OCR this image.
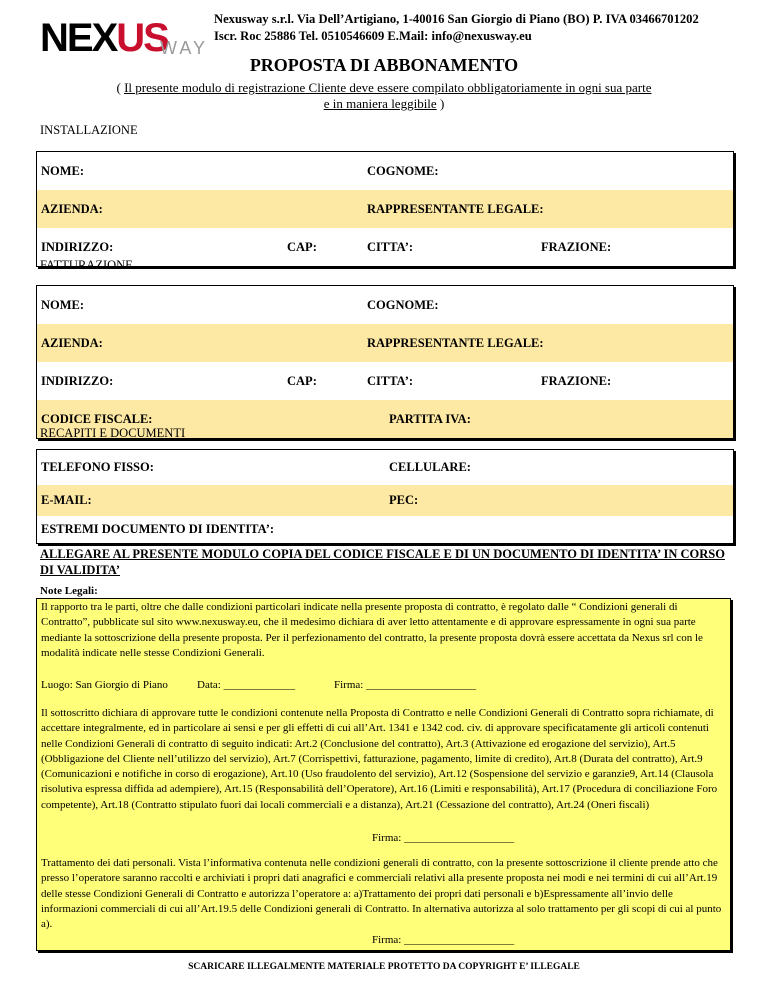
NEXUS
WAY
Nexusway s.r.l. Via Dell’Artigiano, 1-40016 San Giorgio di Piano (BO) P. IVA 03466701202
Iscr. Roc 25886 Tel. 0510546609 E.Mail: info@nexusway.eu
PROPOSTA DI ABBONAMENTO
( Il presente modulo di registrazione Cliente deve essere compilato obbligatoriamente in ogni sua parte
e in maniera leggibile )
INSTALLAZIONE
NOME:	COGNOME:
AZIENDA:	RAPPRESENTANTE LEGALE:
INDIRIZZO:	CAP:	CITTA’:	FRAZIONE:
FATTURAZIONE
NOME:	COGNOME:
AZIENDA:	RAPPRESENTANTE LEGALE:
INDIRIZZO:	CAP:	CITTA’:	FRAZIONE:
CODICE FISCALE:	PARTITA IVA:
RECAPITI E DOCUMENTI
TELEFONO FISSO:	CELLULARE:
E-MAIL:	PEC:
ESTREMI DOCUMENTO DI IDENTITA’:
ALLEGARE AL PRESENTE MODULO COPIA DEL CODICE FISCALE E DI UN DOCUMENTO DI IDENTITA’ IN CORSO DI VALIDITA’
Note Legali:

Il rapporto tra le parti, oltre che dalle condizioni particolari indicate nella presente proposta di contratto, è regolato dalle “ Condizioni generali di Contratto”, pubblicate sul sito www.nexusway.eu, che il medesimo dichiara di aver letto attentamente e di approvare espressamente in ogni sua parte mediante la sottoscrizione della presente proposta. Per il perfezionamento del contratto, la presente proposta dovrà essere accettata da Nexus srl con le modalità indicate nelle stesse Condizioni Generali.

Luogo: San Giorgio di Piano	Data: _____________	Firma: ____________________

Il sottoscritto dichiara di approvare tutte le condizioni contenute nella Proposta di Contratto e nelle Condizioni Generali di Contratto sopra richiamate, di accettare integralmente, ed in particolare ai sensi e per gli effetti di cui all’Art. 1341 e 1342 cod. civ. di approvare specificatamente gli articoli contenuti nelle Condizioni Generali di contratto di seguito indicati: Art.2 (Conclusione del contratto), Art.3 (Attivazione ed erogazione del servizio), Art.5 (Obbligazione del Cliente nell’utilizzo del servizio), Art.7 (Corrispettivi, fatturazione, pagamento, limite di credito), Art.8 (Durata del contratto), Art.9 (Comunicazioni e notifiche in corso di erogazione), Art.10 (Uso fraudolento del servizio), Art.12 (Sospensione del servizio e garanzie9, Art.14 (Clausola risolutiva espressa diffida ad adempiere), Art.15 (Responsabilità dell’Operatore), Art.16 (Limiti e responsabilità), Art.17 (Procedura di conciliazione Foro competente), Art.18 (Contratto stipulato fuori dai locali commerciali e a distanza), Art.21 (Cessazione del contratto), Art.24 (Oneri fiscali)

Firma: ____________________

Trattamento dei dati personali. Vista l’informativa contenuta nelle condizioni generali di contratto, con la presente sottoscrizione il cliente prende atto che presso l’operatore saranno raccolti e archiviati i propri dati anagrafici e commerciali relativi alla presente proposta nei modi e nei termini di cui all’Art.19 delle stesse Condizioni Generali di Contratto e autorizza l’operatore a: a)Trattamento dei propri dati personali e b)Espressamente all’invio delle informazioni commerciali di cui all’Art.19.5 delle Condizioni generali di Contratto. In alternativa autorizza al solo trattamento per gli scopi di cui al punto a).

Firma: ____________________
SCARICARE ILLEGALMENTE MATERIALE PROTETTO DA COPYRIGHT E’ ILLEGALE
